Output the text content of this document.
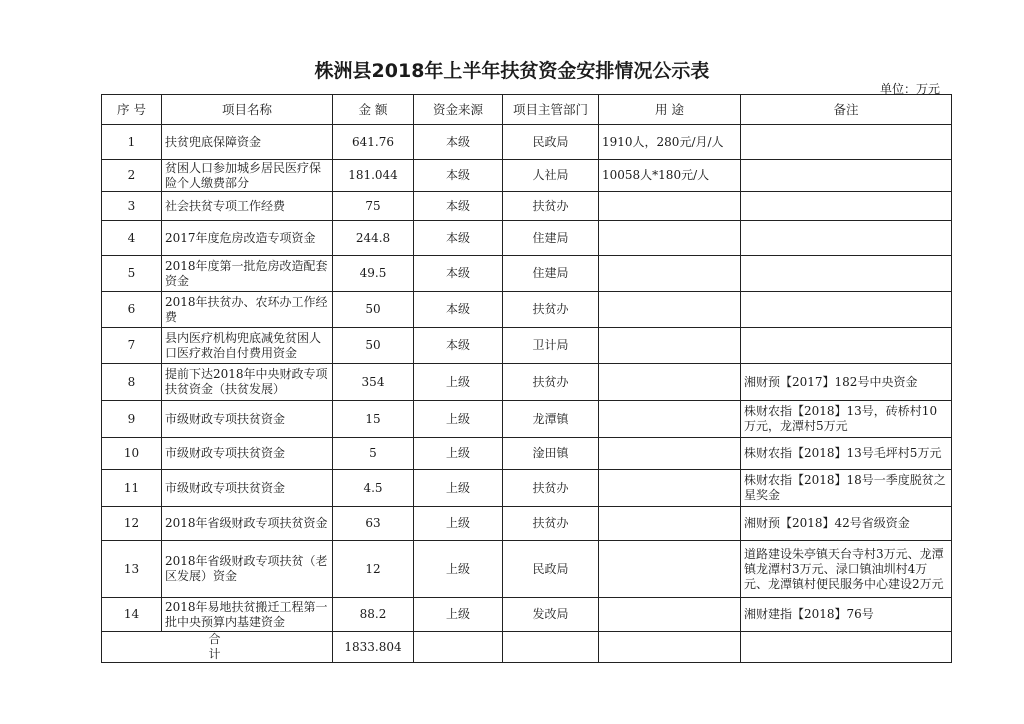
株洲县2018年上半年扶贫资金安排情况公示表
单位：万元
序 号	项目名称	金 额	资金来源	项目主管部门	用 途	备注
1	扶贫兜底保障资金	641.76	本级	民政局	1910人，280元/月/人	
2	贫困人口参加城乡居民医疗保险个人缴费部分	181.044	本级	人社局	10058人*180元/人	
3	社会扶贫专项工作经费	75	本级	扶贫办		
4	2017年度危房改造专项资金	244.8	本级	住建局		
5	2018年度第一批危房改造配套资金	49.5	本级	住建局		
6	2018年扶贫办、农环办工作经费	50	本级	扶贫办		
7	县内医疗机构兜底减免贫困人口医疗救治自付费用资金	50	本级	卫计局		
8	提前下达2018年中央财政专项扶贫资金（扶贫发展）	354	上级	扶贫办		湘财预【2017】182号中央资金
9	市级财政专项扶贫资金	15	上级	龙潭镇		株财农指【2018】13号，砖桥村10万元，龙潭村5万元
10	市级财政专项扶贫资金	5	上级	淦田镇		株财农指【2018】13号毛坪村5万元
11	市级财政专项扶贫资金	4.5	上级	扶贫办		株财农指【2018】18号一季度脱贫之星奖金
12	2018年省级财政专项扶贫资金	63	上级	扶贫办		湘财预【2018】42号省级资金
13	2018年省级财政专项扶贫（老区发展）资金	12	上级	民政局		道路建设朱亭镇天台寺村3万元、龙潭镇龙潭村3万元、渌口镇油圳村4万元、龙潭镇村便民服务中心建设2万元
14	2018年易地扶贫搬迁工程第一批中央预算内基建资金	88.2	上级	发改局		湘财建指【2018】76号
合 计		1833.804				
